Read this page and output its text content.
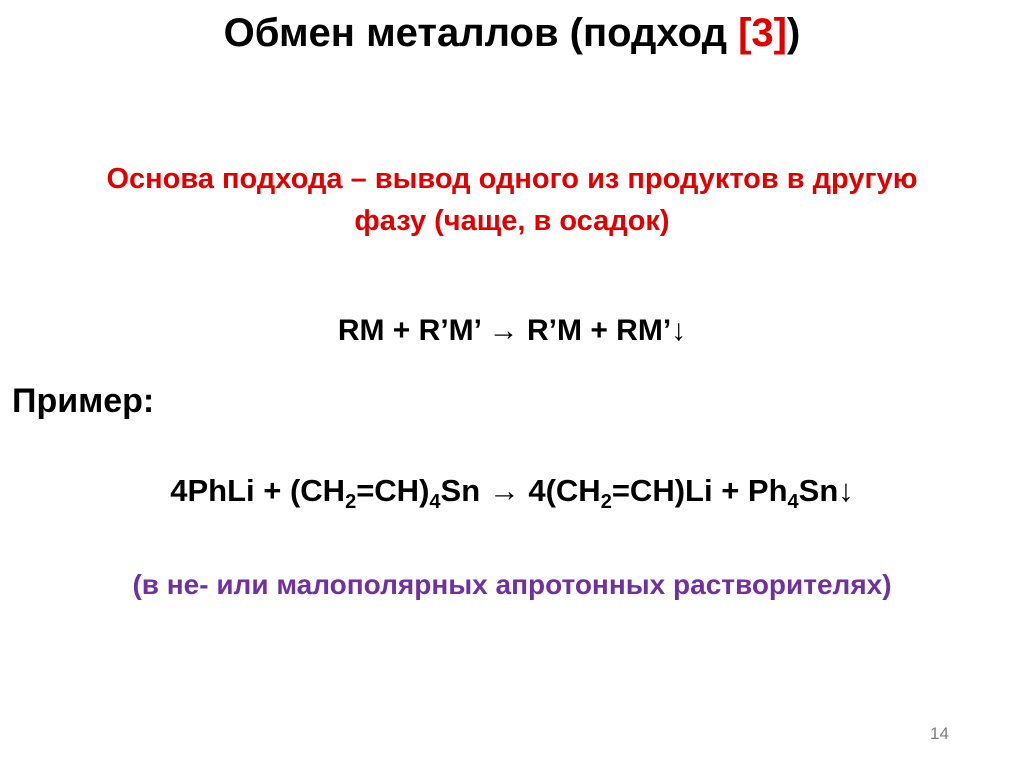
Обмен металлов (подход [3])
Основа подхода – вывод одного из продуктов в другую
фазу (чаще, в осадок)
RM + R’M’ → R’M + RM’↓
Пример:
4PhLi + $(CH_2=CH)_4Sn \to 4(CH_2=CH)Li$ + $Ph_4Sn↓$
(в не- или малополярных апротонных растворителях)
14
